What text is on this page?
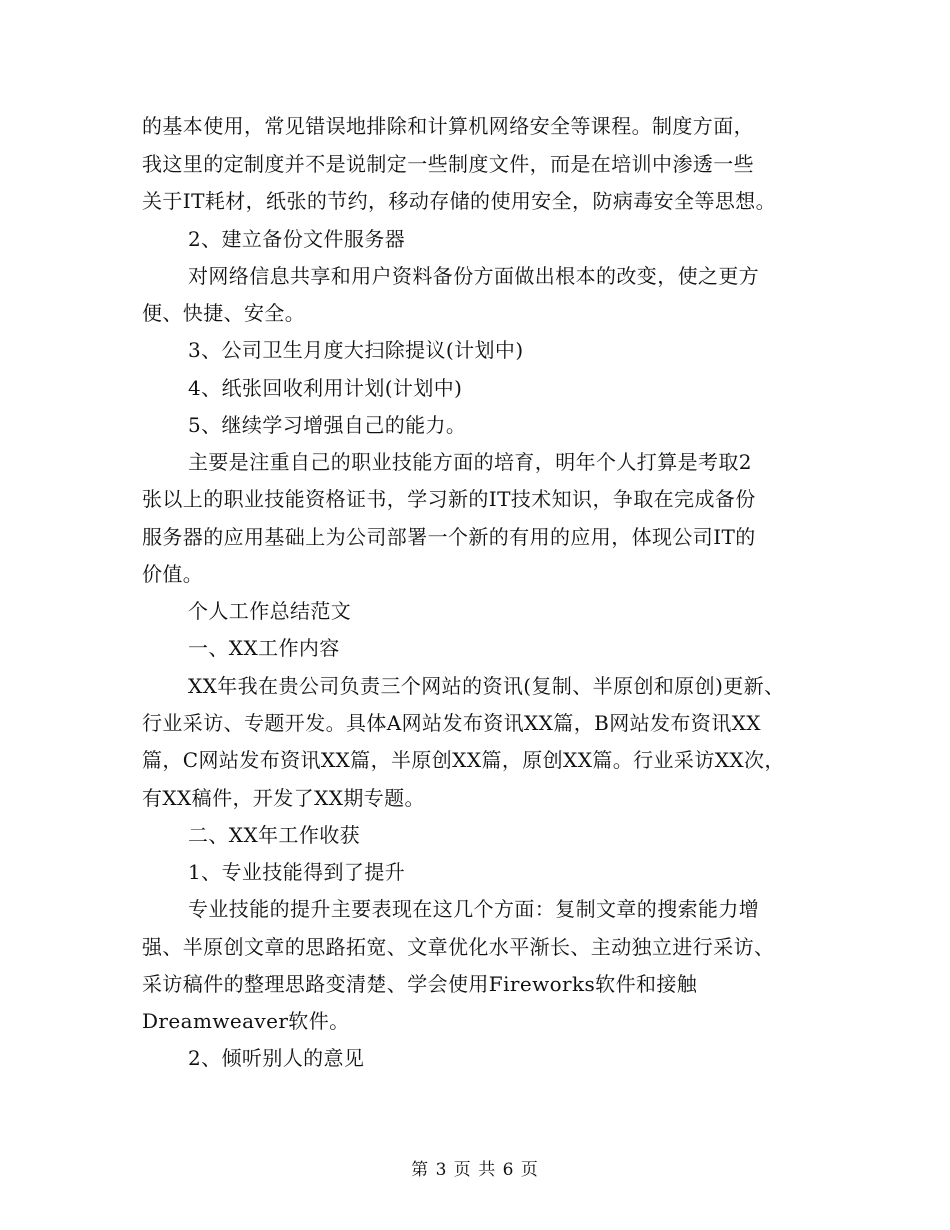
的基本使用，常见错误地排除和计算机网络安全等课程。制度方面，
我这里的定制度并不是说制定一些制度文件，而是在培训中渗透一些
关于IT耗材，纸张的节约，移动存储的使用安全，防病毒安全等思想。
2、建立备份文件服务器
对网络信息共享和用户资料备份方面做出根本的改变，使之更方
便、快捷、安全。
3、公司卫生月度大扫除提议(计划中)
4、纸张回收利用计划(计划中)
5、继续学习增强自己的能力。
主要是注重自己的职业技能方面的培育，明年个人打算是考取2
张以上的职业技能资格证书，学习新的IT技术知识，争取在完成备份
服务器的应用基础上为公司部署一个新的有用的应用，体现公司IT的
价值。
个人工作总结范文
一、XX工作内容
XX年我在贵公司负责三个网站的资讯(复制、半原创和原创)更新、
行业采访、专题开发。具体A网站发布资讯XX篇，B网站发布资讯XX
篇，C网站发布资讯XX篇，半原创XX篇，原创XX篇。行业采访XX次，
有XX稿件，开发了XX期专题。
二、XX年工作收获
1、专业技能得到了提升
专业技能的提升主要表现在这几个方面：复制文章的搜索能力增
强、半原创文章的思路拓宽、文章优化水平渐长、主动独立进行采访、
采访稿件的整理思路变清楚、学会使用Fireworks软件和接触
Dreamweaver软件。
2、倾听别人的意见
第 3 页 共 6 页
